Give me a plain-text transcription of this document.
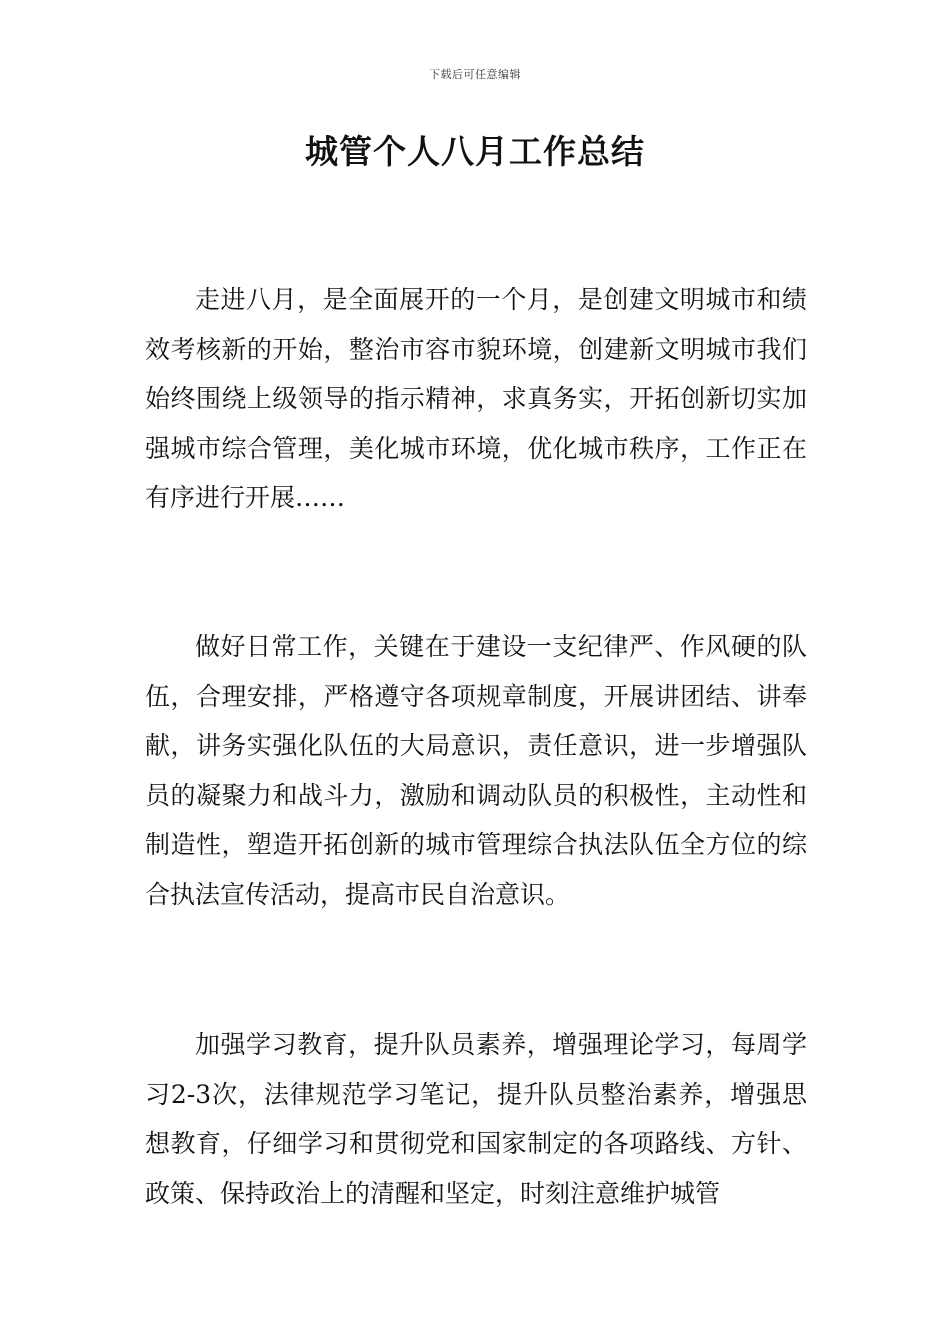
下载后可任意编辑
城管个人八月工作总结

走进八月，是全面展开的一个月，是创建文明城市和绩效考核新的开始，整治市容市貌环境，创建新文明城市我们始终围绕上级领导的指示精神，求真务实，开拓创新切实加强城市综合管理，美化城市环境，优化城市秩序，工作正在有序进行开展……

做好日常工作，关键在于建设一支纪律严、作风硬的队伍，合理安排，严格遵守各项规章制度，开展讲团结、讲奉献，讲务实强化队伍的大局意识，责任意识，进一步增强队员的凝聚力和战斗力，激励和调动队员的积极性，主动性和制造性，塑造开拓创新的城市管理综合执法队伍全方位的综合执法宣传活动，提高市民自治意识。

加强学习教育，提升队员素养，增强理论学习，每周学习2-3次，法律规范学习笔记，提升队员整治素养，增强思想教育，仔细学习和贯彻党和国家制定的各项路线、方针、政策、保持政治上的清醒和坚定，时刻注意维护城管
